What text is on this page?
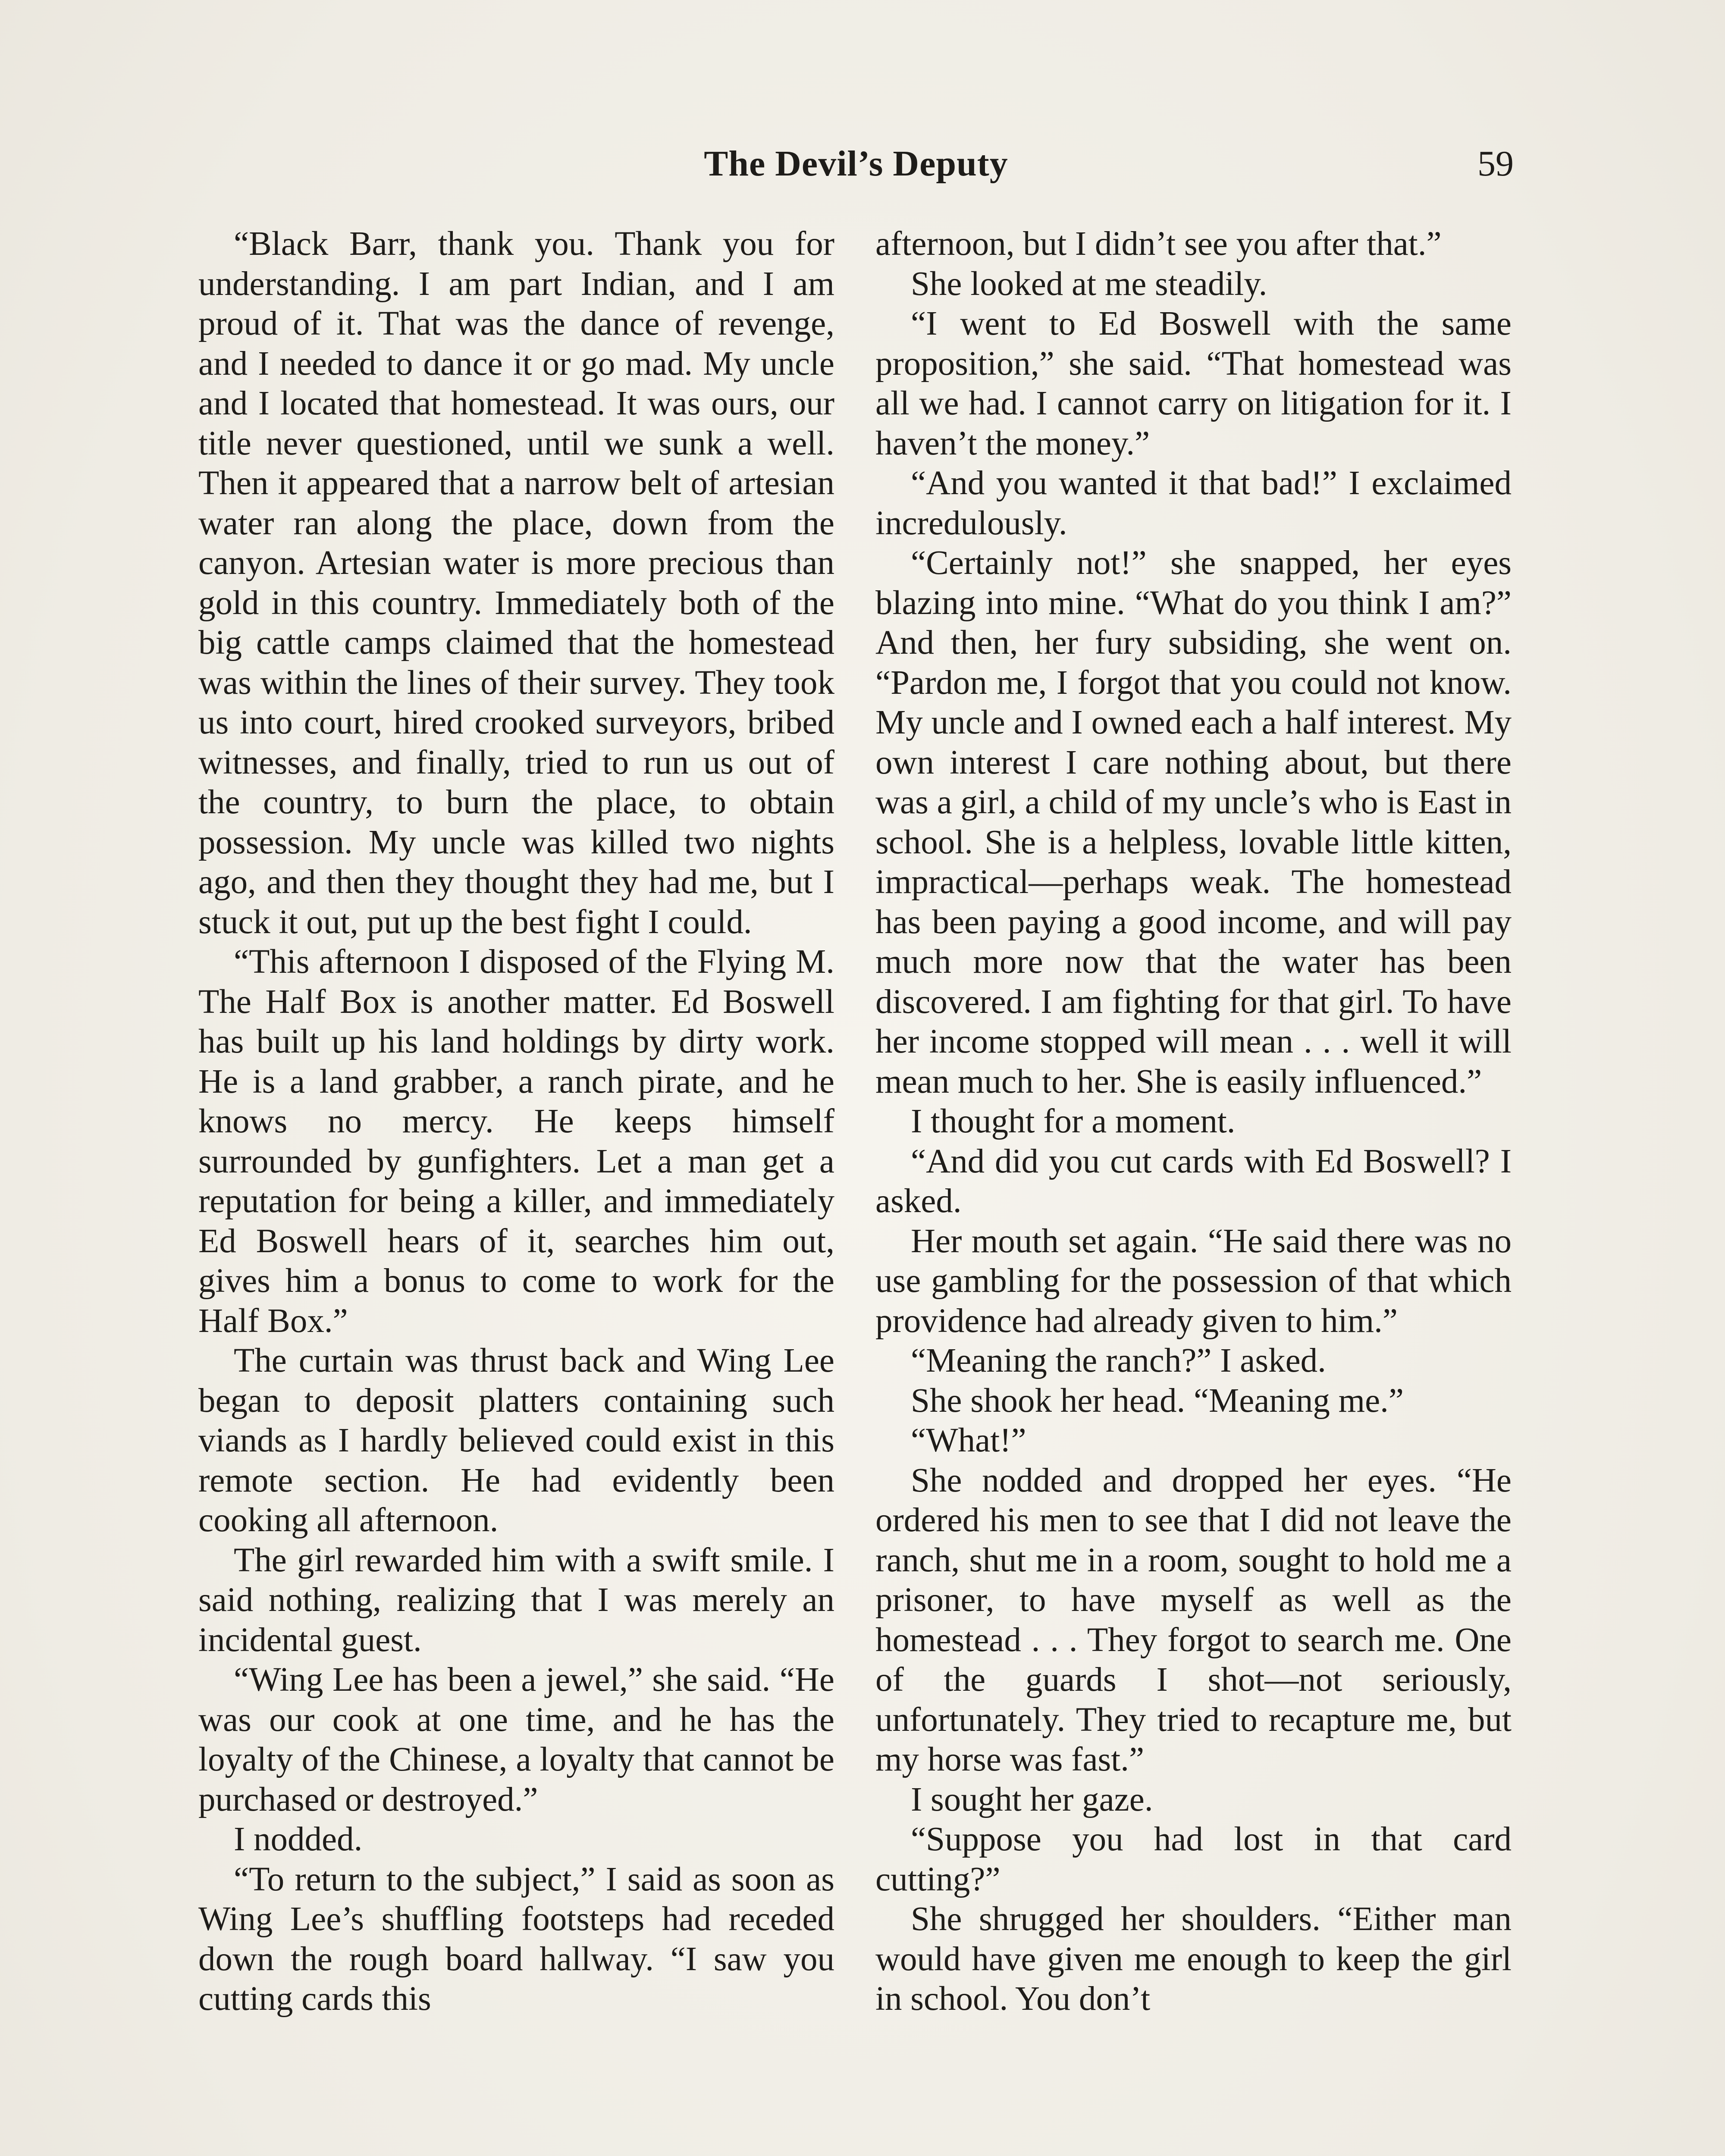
The Devil’s Deputy	59

“Black Barr, thank you. Thank you for understanding. I am part Indian, and I am proud of it. That was the dance of revenge, and I needed to dance it or go mad. My uncle and I located that homestead. It was ours, our title never questioned, until we sunk a well. Then it appeared that a narrow belt of artesian water ran along the place, down from the canyon. Artesian water is more precious than gold in this country. Immediately both of the big cattle camps claimed that the homestead was within the lines of their survey. They took us into court, hired crooked surveyors, bribed witnesses, and finally, tried to run us out of the country, to burn the place, to obtain possession. My uncle was killed two nights ago, and then they thought they had me, but I stuck it out, put up the best fight I could.

“This afternoon I disposed of the Flying M. The Half Box is another matter. Ed Boswell has built up his land holdings by dirty work. He is a land grabber, a ranch pirate, and he knows no mercy. He keeps himself surrounded by gunfighters. Let a man get a reputation for being a killer, and immediately Ed Boswell hears of it, searches him out, gives him a bonus to come to work for the Half Box.”

The curtain was thrust back and Wing Lee began to deposit platters containing such viands as I hardly believed could exist in this remote section. He had evidently been cooking all afternoon.

The girl rewarded him with a swift smile. I said nothing, realizing that I was merely an incidental guest.

“Wing Lee has been a jewel,” she said. “He was our cook at one time, and he has the loyalty of the Chinese, a loyalty that cannot be purchased or destroyed.”

I nodded.

“To return to the subject,” I said as soon as Wing Lee’s shuffling footsteps had receded down the rough board hallway. “I saw you cutting cards this

afternoon, but I didn’t see you after that.”

She looked at me steadily.

“I went to Ed Boswell with the same proposition,” she said. “That homestead was all we had. I cannot carry on litigation for it. I haven’t the money.”

“And you wanted it that bad!” I exclaimed incredulously.

“Certainly not!” she snapped, her eyes blazing into mine. “What do you think I am?” And then, her fury subsiding, she went on. “Pardon me, I forgot that you could not know. My uncle and I owned each a half interest. My own interest I care nothing about, but there was a girl, a child of my uncle’s who is East in school. She is a helpless, lovable little kitten, impractical—perhaps weak. The homestead has been paying a good income, and will pay much more now that the water has been discovered. I am fighting for that girl. To have her income stopped will mean . . . well it will mean much to her. She is easily influenced.”

I thought for a moment.

“And did you cut cards with Ed Boswell? I asked.

Her mouth set again. “He said there was no use gambling for the possession of that which providence had already given to him.”

“Meaning the ranch?” I asked.

She shook her head. “Meaning me.”

“What!”

She nodded and dropped her eyes. “He ordered his men to see that I did not leave the ranch, shut me in a room, sought to hold me a prisoner, to have myself as well as the homestead . . . They forgot to search me. One of the guards I shot—not seriously, unfortunately. They tried to recapture me, but my horse was fast.”

I sought her gaze.

“Suppose you had lost in that card cutting?”

She shrugged her shoulders. “Either man would have given me enough to keep the girl in school. You don’t
